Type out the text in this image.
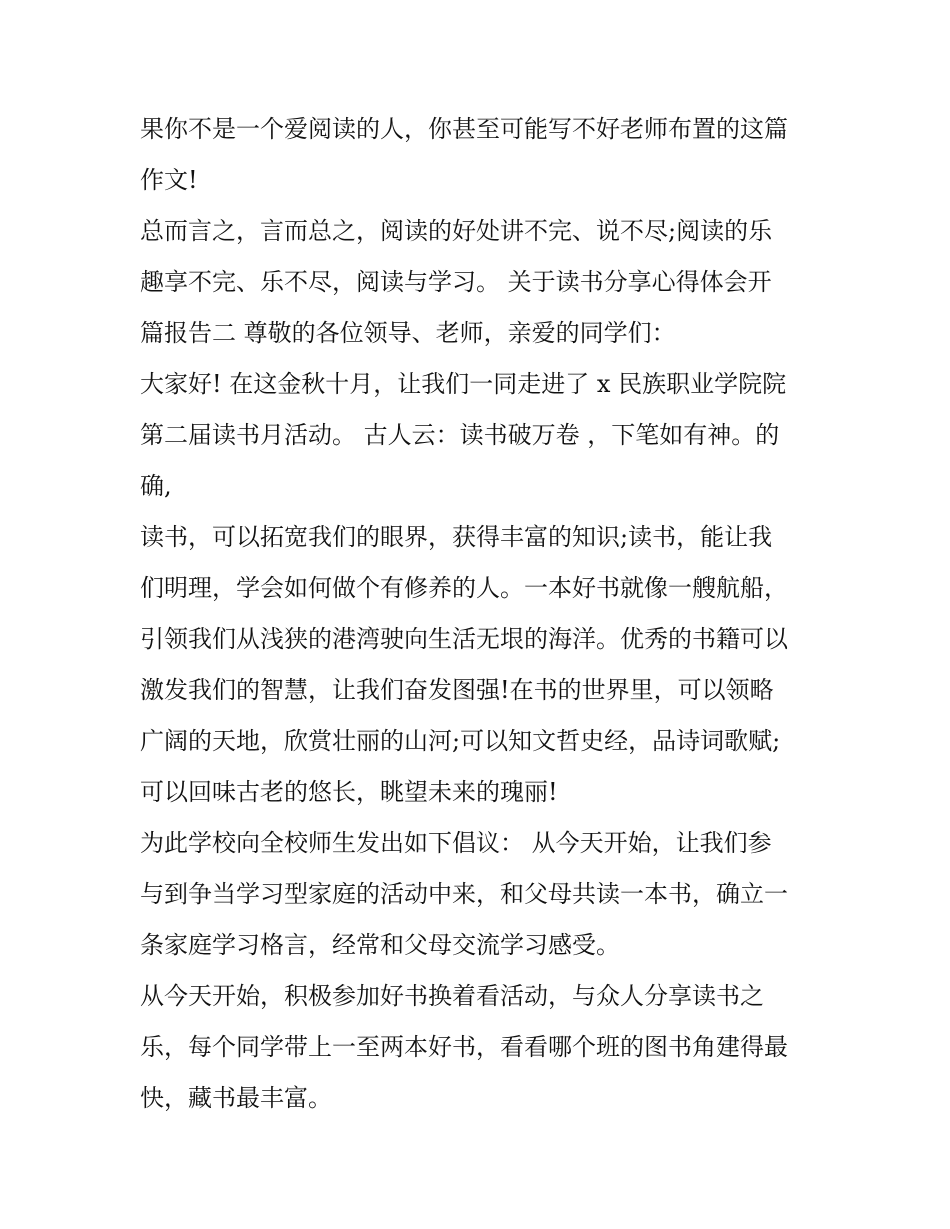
果你不是一个爱阅读的人，你甚至可能写不好老师布置的这篇
作文!
总而言之，言而总之，阅读的好处讲不完、说不尽;阅读的乐
趣享不完、乐不尽，阅读与学习。 关于读书分享心得体会开
篇报告二 尊敬的各位领导、老师，亲爱的同学们：
大家好! 在这金秋十月，让我们一同走进了 x 民族职业学院院
第二届读书月活动。 古人云：读书破万卷 ，下笔如有神。的
确,
读书，可以拓宽我们的眼界，获得丰富的知识;读书，能让我
们明理，学会如何做个有修养的人。一本好书就像一艘航船，
引领我们从浅狭的港湾驶向生活无垠的海洋。优秀的书籍可以
激发我们的智慧，让我们奋发图强!在书的世界里，可以领略
广阔的天地，欣赏壮丽的山河;可以知文哲史经，品诗词歌赋;
可以回味古老的悠长，眺望未来的瑰丽!
为此学校向全校师生发出如下倡议： 从今天开始，让我们参
与到争当学习型家庭的活动中来，和父母共读一本书，确立一
条家庭学习格言，经常和父母交流学习感受。
从今天开始，积极参加好书换着看活动，与众人分享读书之
乐，每个同学带上一至两本好书，看看哪个班的图书角建得最
快，藏书最丰富。
